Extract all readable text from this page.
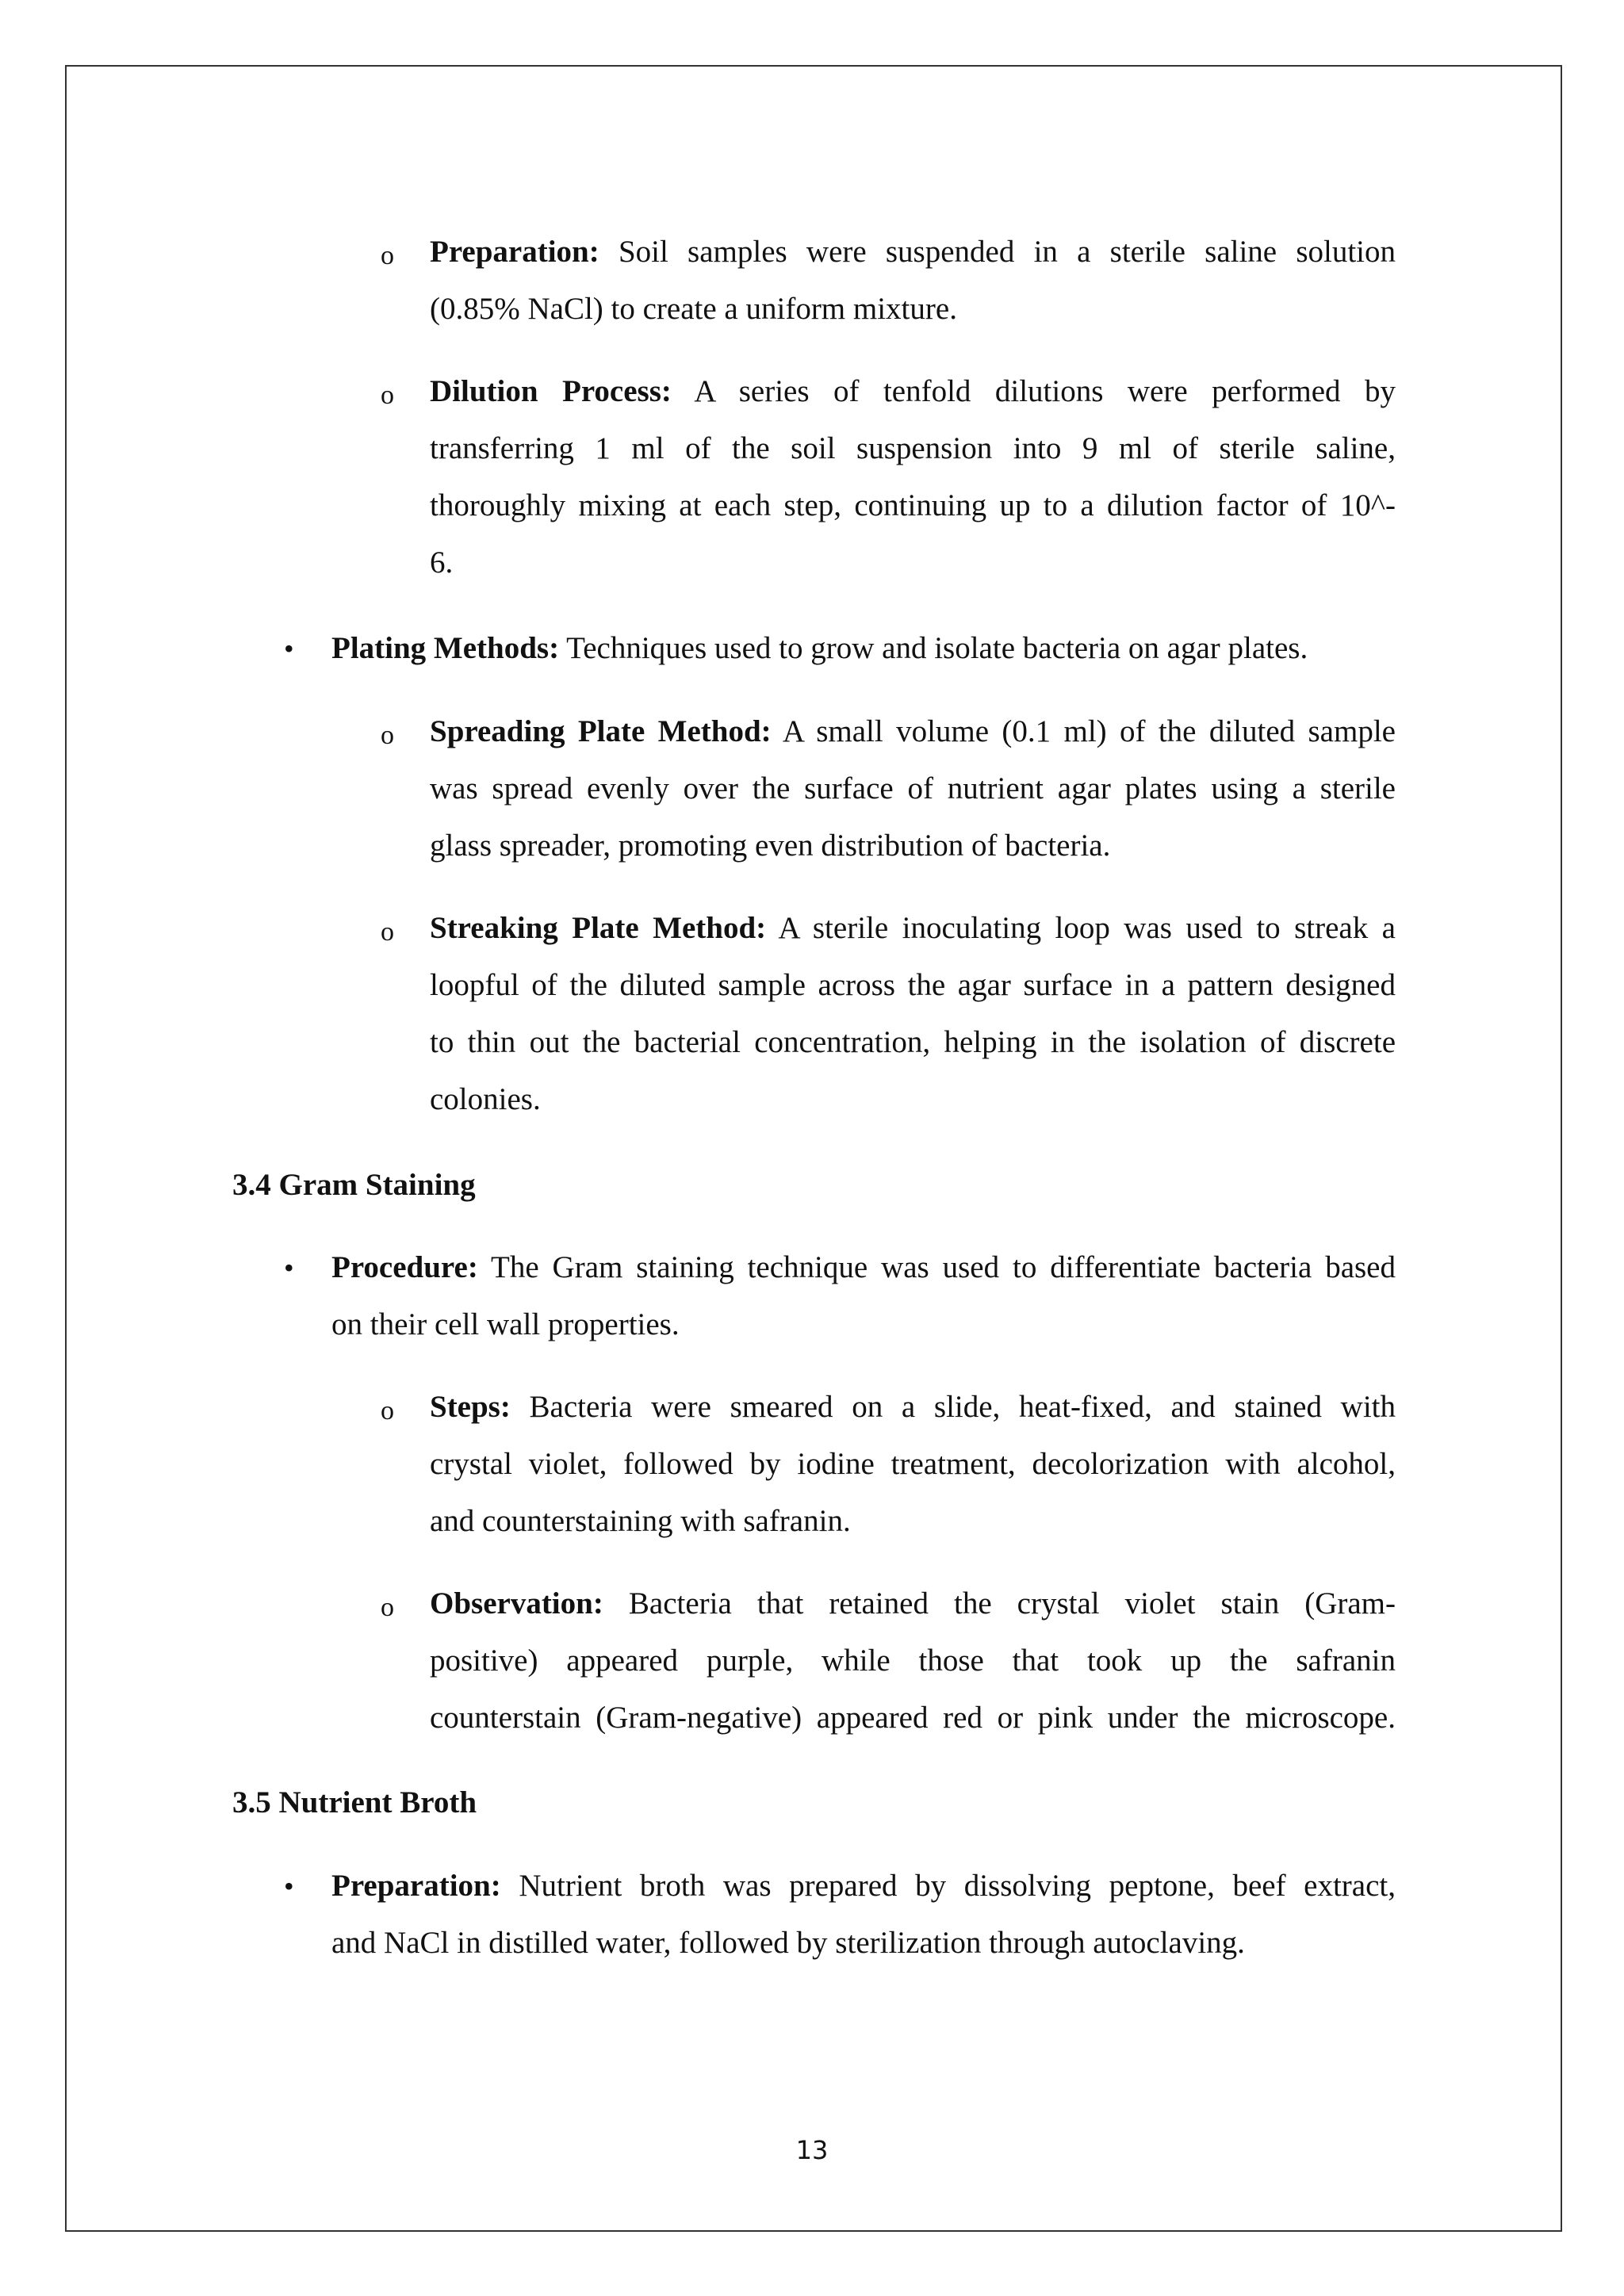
o Preparation: Soil samples were suspended in a sterile saline solution
(0.85% NaCl) to create a uniform mixture.
o Dilution Process: A series of tenfold dilutions were performed by
transferring 1 ml of the soil suspension into 9 ml of sterile saline,
thoroughly mixing at each step, continuing up to a dilution factor of 10^-
6.
• Plating Methods: Techniques used to grow and isolate bacteria on agar plates.
o Spreading Plate Method: A small volume (0.1 ml) of the diluted sample
was spread evenly over the surface of nutrient agar plates using a sterile
glass spreader, promoting even distribution of bacteria.
o Streaking Plate Method: A sterile inoculating loop was used to streak a
loopful of the diluted sample across the agar surface in a pattern designed
to thin out the bacterial concentration, helping in the isolation of discrete
colonies.
3.4 Gram Staining
• Procedure: The Gram staining technique was used to differentiate bacteria based
on their cell wall properties.
o Steps: Bacteria were smeared on a slide, heat-fixed, and stained with
crystal violet, followed by iodine treatment, decolorization with alcohol,
and counterstaining with safranin.
o Observation: Bacteria that retained the crystal violet stain (Gram-
positive) appeared purple, while those that took up the safranin
counterstain (Gram-negative) appeared red or pink under the microscope.
3.5 Nutrient Broth
• Preparation: Nutrient broth was prepared by dissolving peptone, beef extract,
and NaCl in distilled water, followed by sterilization through autoclaving.
13
